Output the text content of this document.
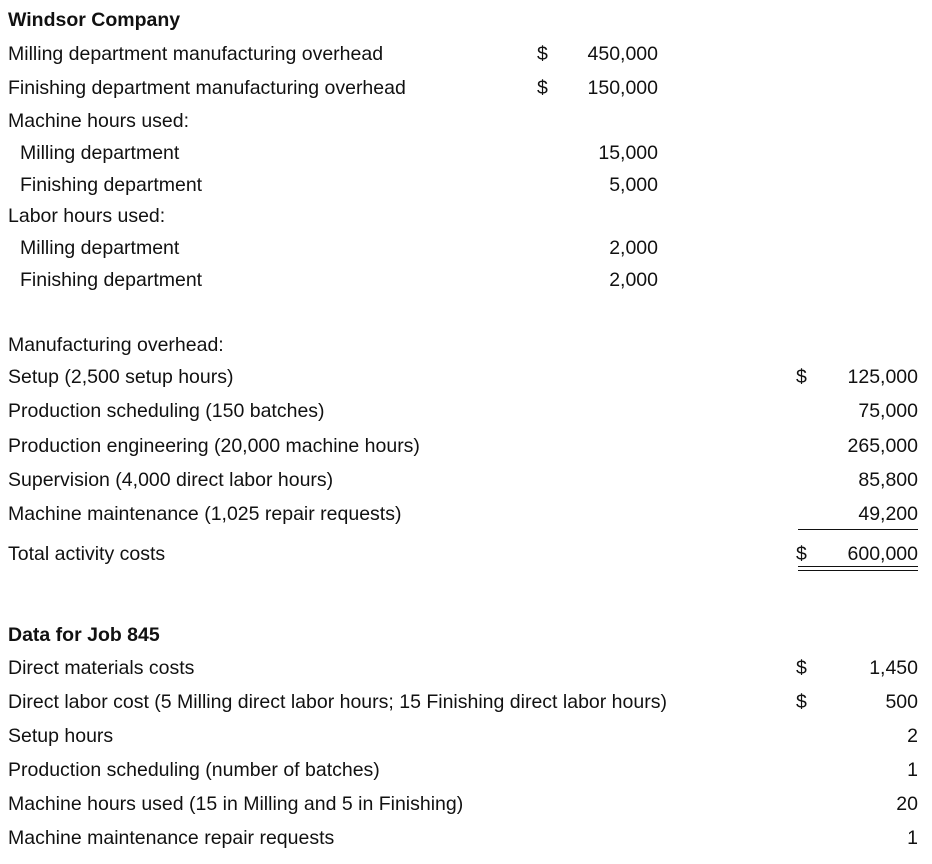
Windsor Company
Milling department manufacturing overhead	$	450,000
Finishing department manufacturing overhead	$	150,000
Machine hours used:
Milling department	15,000
Finishing department	5,000
Labor hours used:
Milling department	2,000
Finishing department	2,000
Manufacturing overhead:
Setup (2,500 setup hours)	$	125,000
Production scheduling (150 batches)	75,000
Production engineering (20,000 machine hours)	265,000
Supervision (4,000 direct labor hours)	85,800
Machine maintenance (1,025 repair requests)	49,200
Total activity costs	$	600,000
Data for Job 845
Direct materials costs	$	1,450
Direct labor cost (5 Milling direct labor hours; 15 Finishing direct labor hours)	$	500
Setup hours	2
Production scheduling (number of batches)	1
Machine hours used (15 in Milling and 5 in Finishing)	20
Machine maintenance repair requests	1
